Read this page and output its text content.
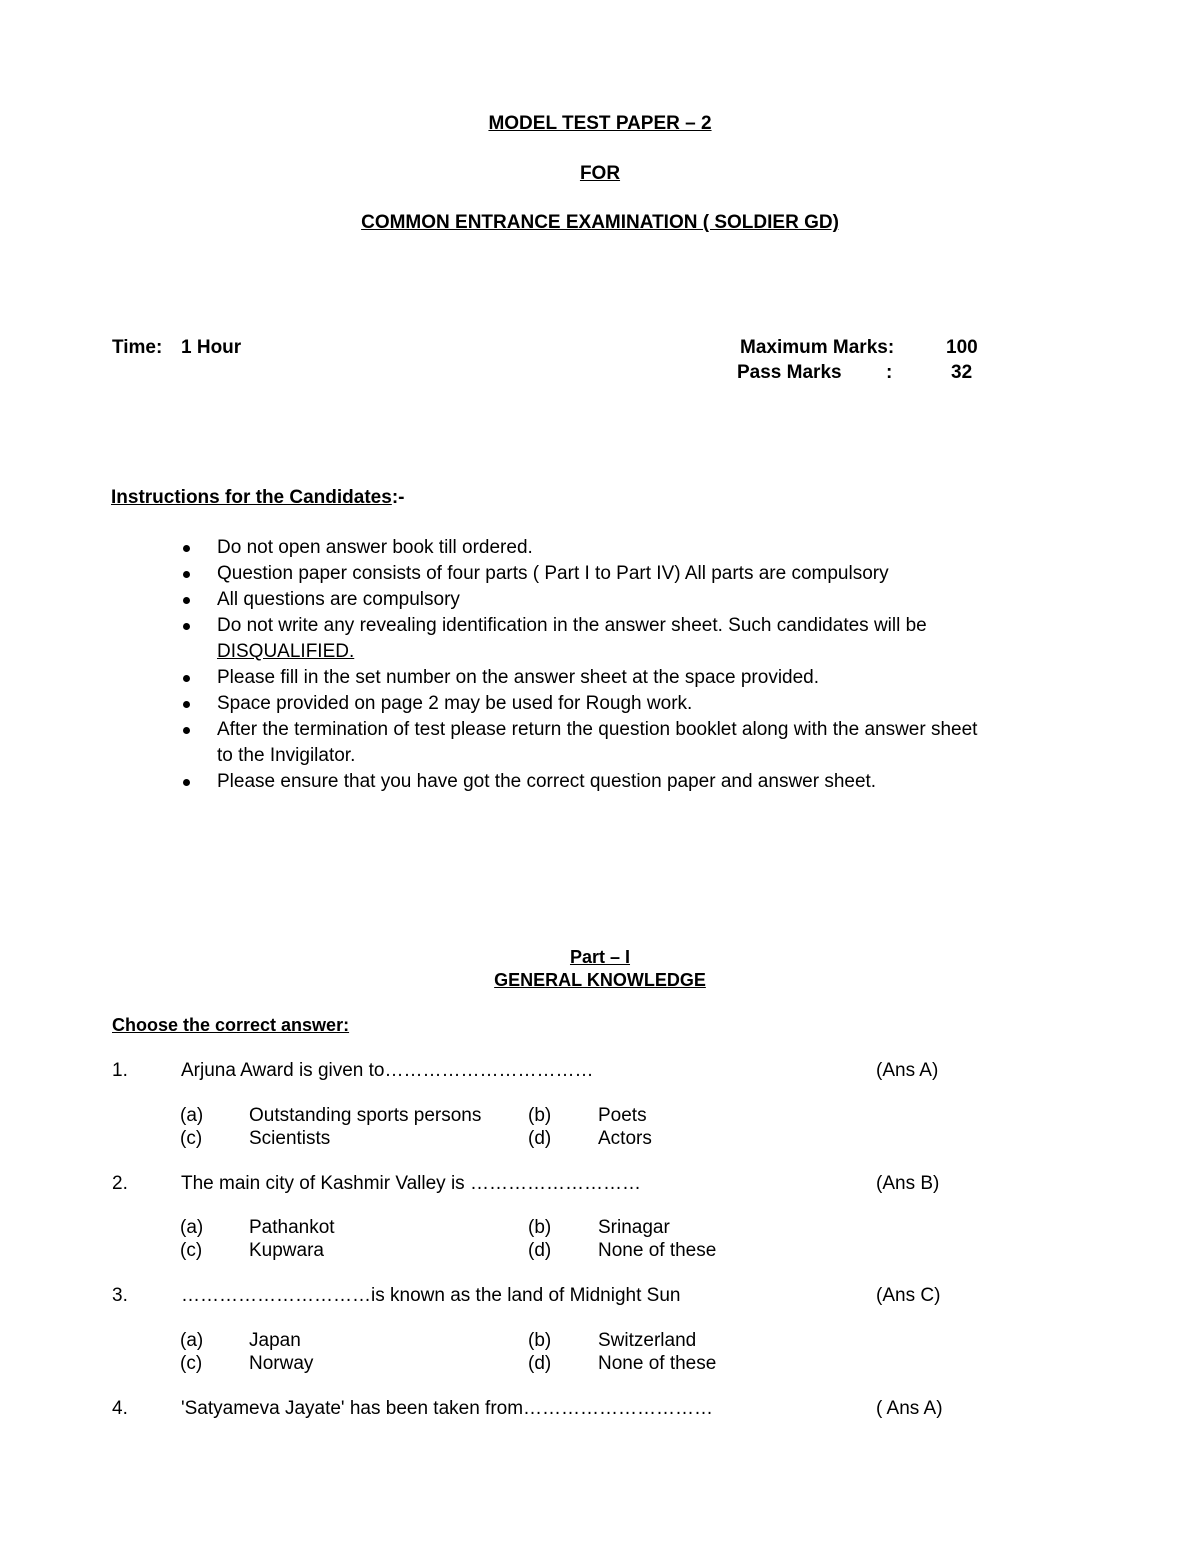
MODEL TEST PAPER – 2
FOR
COMMON ENTRANCE EXAMINATION ( SOLDIER GD)
Time: 1 Hour	Maximum Marks:	100
Pass Marks :	32
Instructions for the Candidates:-
Do not open answer book till ordered.
Question paper consists of four parts ( Part I to Part IV) All parts are compulsory
All questions are compulsory
Do not write any revealing identification in the answer sheet. Such candidates will be
DISQUALIFIED.
Please fill in the set number on the answer sheet at the space provided.
Space provided on page 2 may be used for Rough work.
After the termination of test please return the question booklet along with the answer sheet
to the Invigilator.
Please ensure that you have got the correct question paper and answer sheet.
Part – I
GENERAL KNOWLEDGE
Choose the correct answer:
1.	Arjuna Award is given to……………………………	(Ans A)
(a) Outstanding sports persons (b) Poets
(c) Scientists	(d) Actors
2.	The main city of Kashmir Valley is ………………………	(Ans B)
(a) Pathankot	(b) Srinagar
(c) Kupwara	(d) None of these
3.	…………………………is known as the land of Midnight Sun	(Ans C)
(a) Japan	(b) Switzerland
(c) Norway	(d) None of these
4.	'Satyameva Jayate' has been taken from…………………………	( Ans A)
